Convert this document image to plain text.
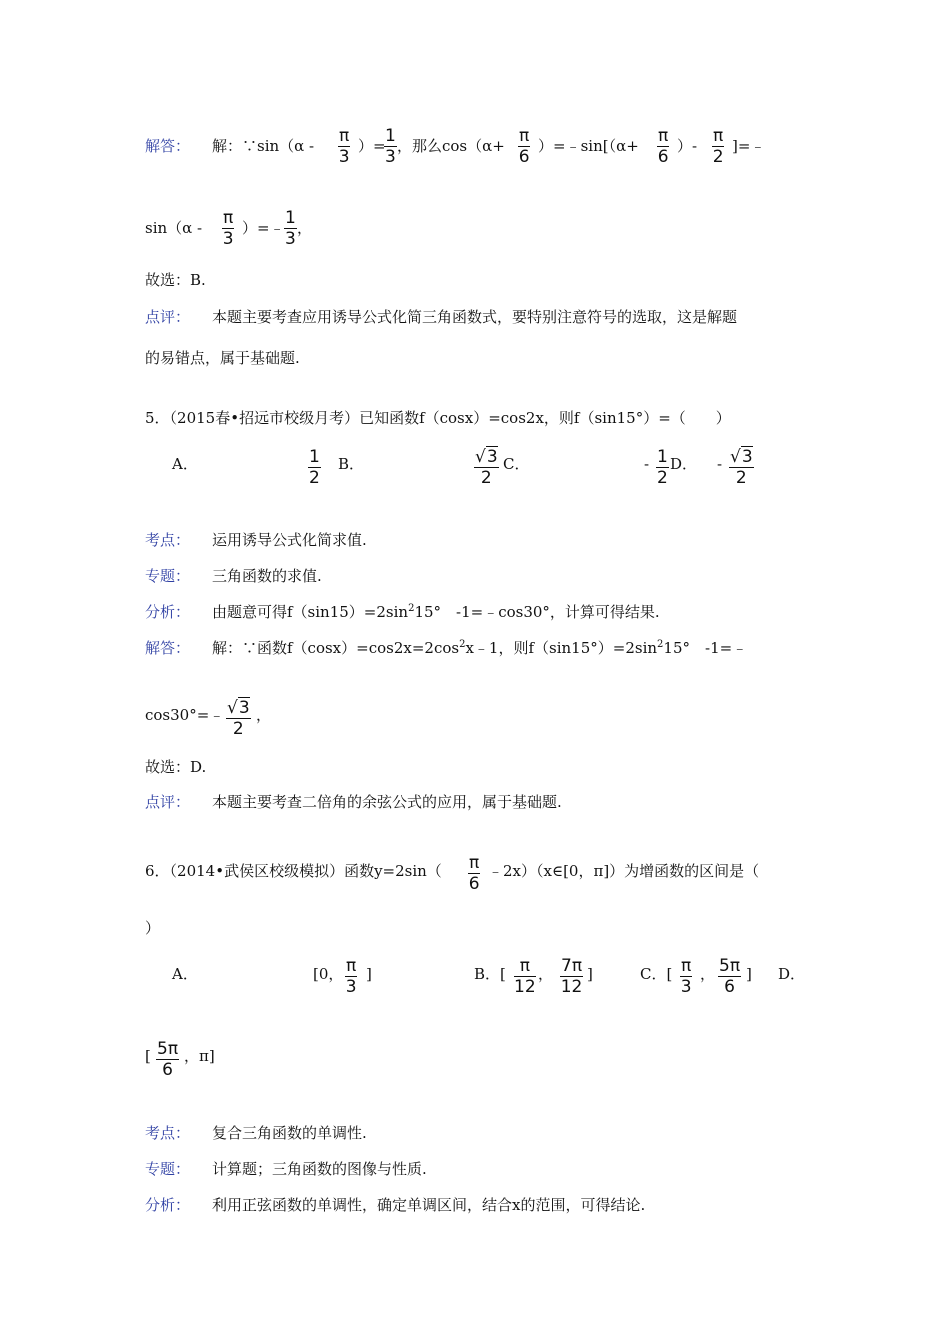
解答： 解：∵sin（α - $\frac{\pi}{3}$ ）=
$\frac{1}{3}$ ，那么$\cos(\alpha+ \frac{\pi}{6}$ ）=﹣sin[（α+ $\frac{\pi}{6}$ ）- $\frac{\pi}{2}$ ]=﹣
$\sin(\alpha - \frac{\pi}{3}$ ）=﹣ $\frac{1}{3}$ ，
故选：B.
点评： 本题主要考查应用诱导公式化简三角函数式，要特别注意符号的选取，这是解题
的易错点，属于基础题.
5．（2015春•招远市校级月考）已知函数f（cosx）=cos2x，则f（sin15°）=（　　）
A．	$\frac{1}{2}$ B．	$\frac{√3}{2}$ C．	- $\frac{1}{2}$ D． - $\frac{√3}{2}$
考点： 运用诱导公式化简求值.
专题： 三角函数的求值.
分析： 由题意可得$f(\sin 15)=2\sin^215^\circ$　-1=﹣cos30°，计算可得结果.
解答： 解：∵函数$f(\cos x)=\cos 2x=2\cos^2x﹣1$，则$f(\sin 15^\circ)=2\sin^215^\circ$　-1=﹣
cos30°=﹣ $\frac{√3}{2}$ ，
故选：D.
点评： 本题主要考查二倍角的余弦公式的应用，属于基础题.
6．（2014•武侯区校级模拟）函数$y=2\sin( \frac{\pi}{6}$ ﹣2x）（x∈[0，π]）为增函数的区间是（
）
A．	[0， $\frac{\pi}{3}$ ]	B．[ $\frac{\pi}{12}$ ， $\frac{7\pi}{12}$ ]	C．[ $\frac{\pi}{3}$ ， $\frac{5\pi}{6}$ ] D．
[ $\frac{5\pi}{6}$ ，π]
考点： 复合三角函数的单调性.
专题： 计算题；三角函数的图像与性质.
分析： 利用正弦函数的单调性，确定单调区间，结合x的范围，可得结论.
